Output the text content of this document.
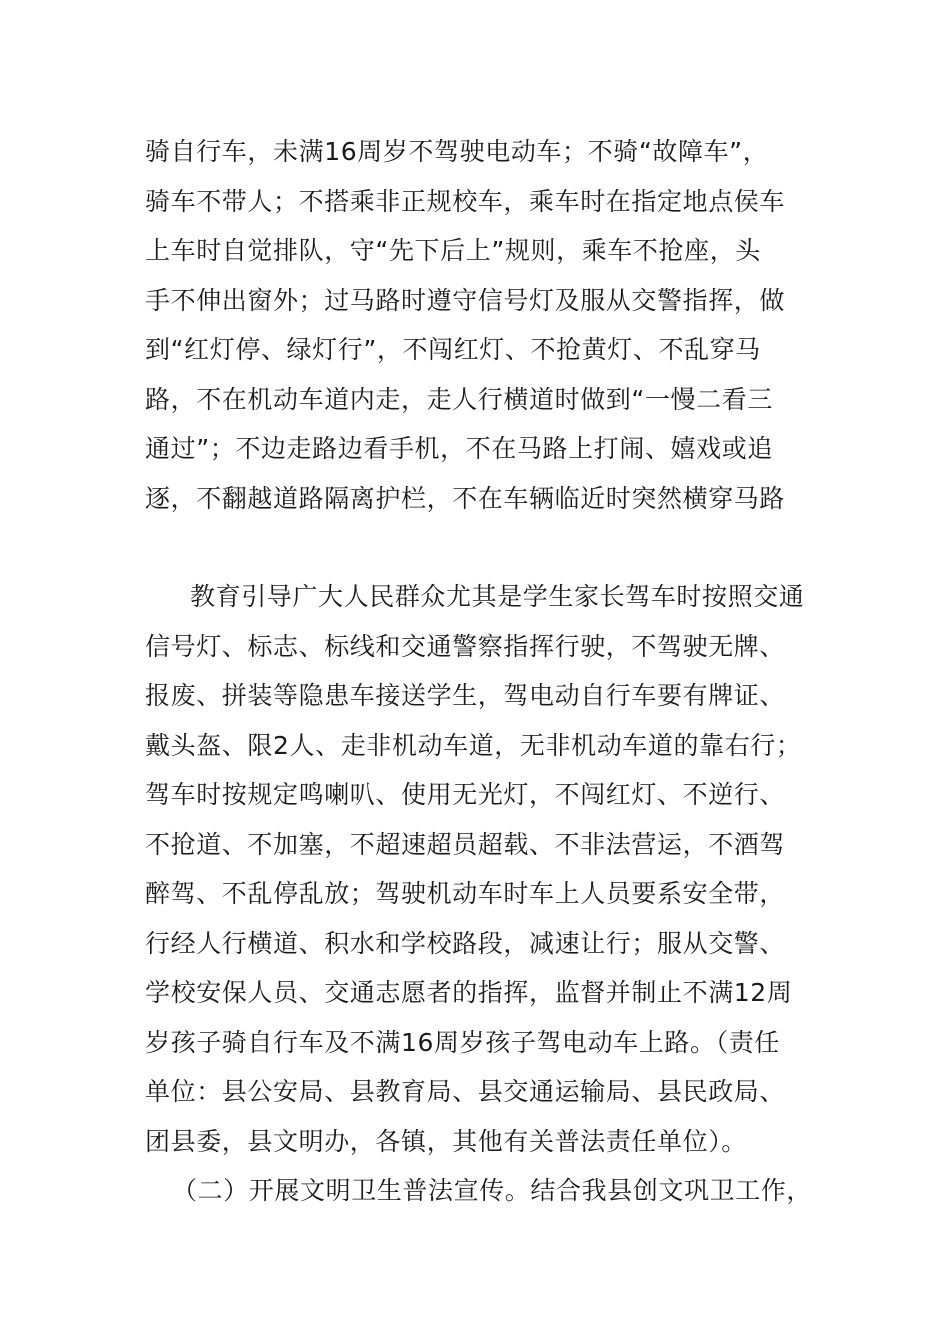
骑自行车，未满16周岁不驾驶电动车；不骑“故障车”，
骑车不带人；不搭乘非正规校车，乘车时在指定地点侯车
上车时自觉排队，守“先下后上”规则，乘车不抢座，头
手不伸出窗外；过马路时遵守信号灯及服从交警指挥，做
到“红灯停、绿灯行”，不闯红灯、不抢黄灯、不乱穿马
路，不在机动车道内走，走人行横道时做到“一慢二看三
通过”；不边走路边看手机，不在马路上打闹、嬉戏或追
逐，不翻越道路隔离护栏，不在车辆临近时突然横穿马路
教育引导广大人民群众尤其是学生家长驾车时按照交通
信号灯、标志、标线和交通警察指挥行驶，不驾驶无牌、
报废、拼装等隐患车接送学生，驾电动自行车要有牌证、
戴头盔、限2人、走非机动车道，无非机动车道的靠右行；
驾车时按规定鸣喇叭、使用无光灯，不闯红灯、不逆行、
不抢道、不加塞，不超速超员超载、不非法营运，不酒驾
醉驾、不乱停乱放；驾驶机动车时车上人员要系安全带，
行经人行横道、积水和学校路段，减速让行；服从交警、
学校安保人员、交通志愿者的指挥，监督并制止不满12周
岁孩子骑自行车及不满16周岁孩子驾电动车上路。（责任
单位：县公安局、县教育局、县交通运输局、县民政局、
团县委，县文明办，各镇，其他有关普法责任单位）。
（二）开展文明卫生普法宣传。结合我县创文巩卫工作，
